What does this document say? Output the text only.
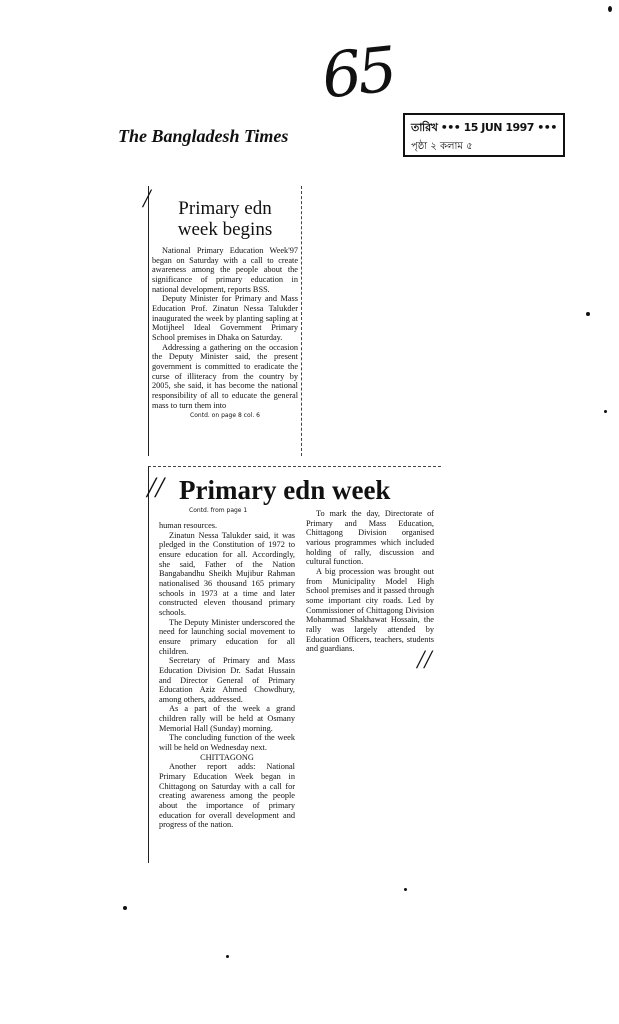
65
The Bangladesh Times	তারিখ ••• 15 JUN 1997 •••
পৃষ্ঠা ২ কলাম ৫
/	Primary edn
week begins

National Primary Education Week'97 began on Saturday with a call to create awareness among the people about the significance of primary education in national development, reports BSS.

Deputy Minister for Primary and Mass Education Prof. Zinatun Nessa Talukder inaugurated the week by planting sapling at Motijheel Ideal Government Primary School premises in Dhaka on Saturday.

Addressing a gathering on the occasion the Deputy Minister said, the present government is committed to eradicate the curse of illiteracy from the country by 2005, she said, it has become the national responsibility of all to educate the general mass to turn them into

Contd. on page 8 col. 6
// Primary edn week
Contd. from page 1

human resources.

Zinatun Nessa Talukder said, it was pledged in the Constitution of 1972 to ensure education for all. Accordingly, she said, Father of the Nation Bangabandhu Sheikh Mujibur Rahman nationalised 36 thousand 165 primary schools in 1973 at a time and later constructed eleven thousand primary schools.

The Deputy Minister underscored the need for launching social movement to ensure primary education for all children.

Secretary of Primary and Mass Education Division Dr. Sadat Hussain and Director General of Primary Education Aziz Ahmed Chowdhury, among others, addressed.

As a part of the week a grand children rally will be held at Osmany Memorial Hall (Sunday) morning.

The concluding function of the week will be held on Wednesday next.

CHITTAGONG

Another report adds: National Primary Education Week began in Chittagong on Saturday with a call for creating awareness among the people about the importance of primary education for overall development and progress of the nation.

To mark the day, Directorate of Primary and Mass Education, Chittagong Division organised various programmes which included holding of rally, discussion and cultural function.

A big procession was brought out from Municipality Model High School premises and it passed through some important city roads. Led by Commissioner of Chittagong Division Mohammad Shakhawat Hossain, the rally was largely attended by Education Officers, teachers, students and guardians.	//
